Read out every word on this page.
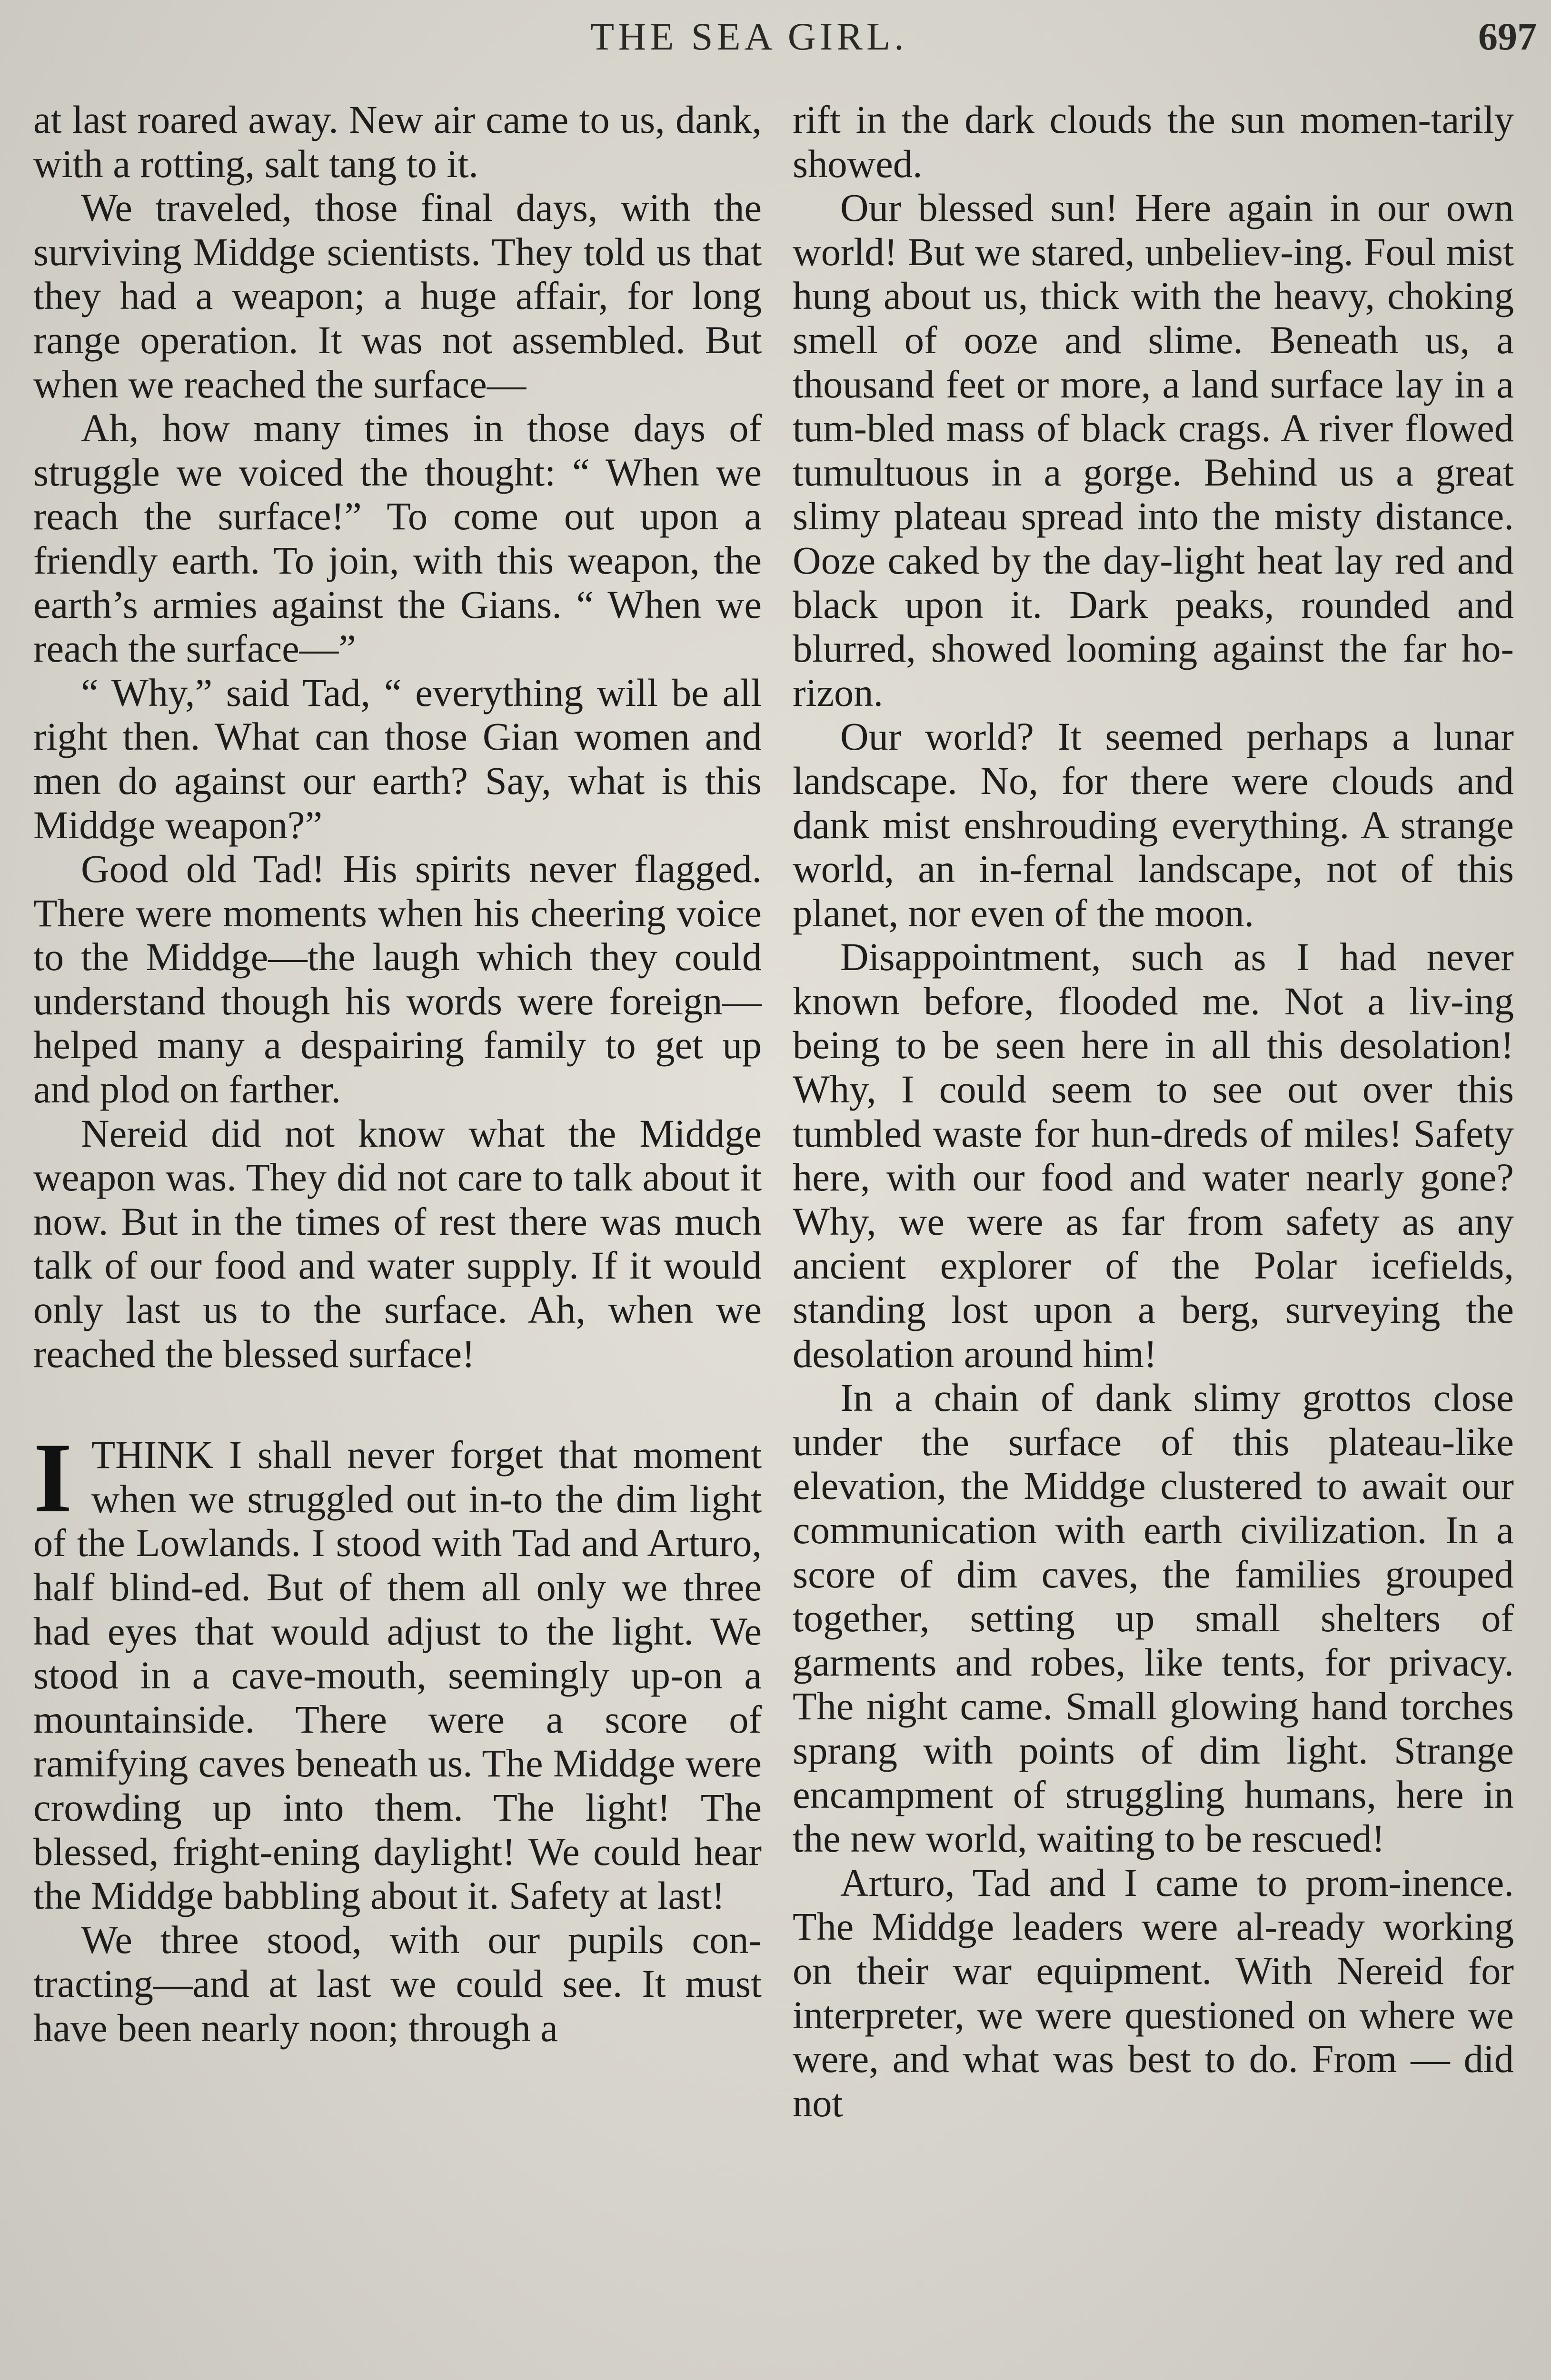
THE SEA GIRL.	697

at last roared away. New air came to us, dank, with a rotting, salt tang to it.

We traveled, those final days, with the surviving Middge scientists. They told us that they had a weapon; a huge affair, for long range operation. It was not assembled. But when we reached the surface—

Ah, how many times in those days of struggle we voiced the thought: “ When we reach the surface!” To come out upon a friendly earth. To join, with this weapon, the earth’s armies against the Gians. “ When we reach the surface—”

“ Why,” said Tad, “ everything will be all right then. What can those Gian women and men do against our earth? Say, what is this Middge weapon?”

Good old Tad! His spirits never flagged. There were moments when his cheering voice to the Middge—the laugh which they could understand though his words were foreign—helped many a despairing family to get up and plod on farther.

Nereid did not know what the Middge weapon was. They did not care to talk about it now. But in the times of rest there was much talk of our food and water supply. If it would only last us to the surface. Ah, when we reached the blessed surface!

ITHINK I shall never forget that moment when we struggled out in-to the dim light of the Lowlands. I stood with Tad and Arturo, half blind-ed. But of them all only we three had eyes that would adjust to the light. We stood in a cave-mouth, seemingly up-on a mountainside. There were a score of ramifying caves beneath us. The Middge were crowding up into them. The light! The blessed, fright-ening daylight! We could hear the Middge babbling about it. Safety at last!

We three stood, with our pupils con-tracting—and at last we could see. It must have been nearly noon; through a

rift in the dark clouds the sun momen-tarily showed.

Our blessed sun! Here again in our own world! But we stared, unbeliev-ing. Foul mist hung about us, thick with the heavy, choking smell of ooze and slime. Beneath us, a thousand feet or more, a land surface lay in a tum-bled mass of black crags. A river flowed tumultuous in a gorge. Behind us a great slimy plateau spread into the misty distance. Ooze caked by the day-light heat lay red and black upon it. Dark peaks, rounded and blurred, showed looming against the far ho-rizon.

Our world? It seemed perhaps a lunar landscape. No, for there were clouds and dank mist enshrouding everything. A strange world, an in-fernal landscape, not of this planet, nor even of the moon.

Disappointment, such as I had never known before, flooded me. Not a liv-ing being to be seen here in all this desolation! Why, I could seem to see out over this tumbled waste for hun-dreds of miles! Safety here, with our food and water nearly gone? Why, we were as far from safety as any ancient explorer of the Polar icefields, standing lost upon a berg, surveying the desolation around him!

In a chain of dank slimy grottos close under the surface of this plateau-like elevation, the Middge clustered to await our communication with earth civilization. In a score of dim caves, the families grouped together, setting up small shelters of garments and robes, like tents, for privacy. The night came. Small glowing hand torches sprang with points of dim light. Strange encampment of struggling humans, here in the new world, waiting to be rescued!

Arturo, Tad and I came to prom-inence. The Middge leaders were al-ready working on their war equipment. With Nereid for interpreter, we were questioned on where we were, and what was best to do. From — did not
